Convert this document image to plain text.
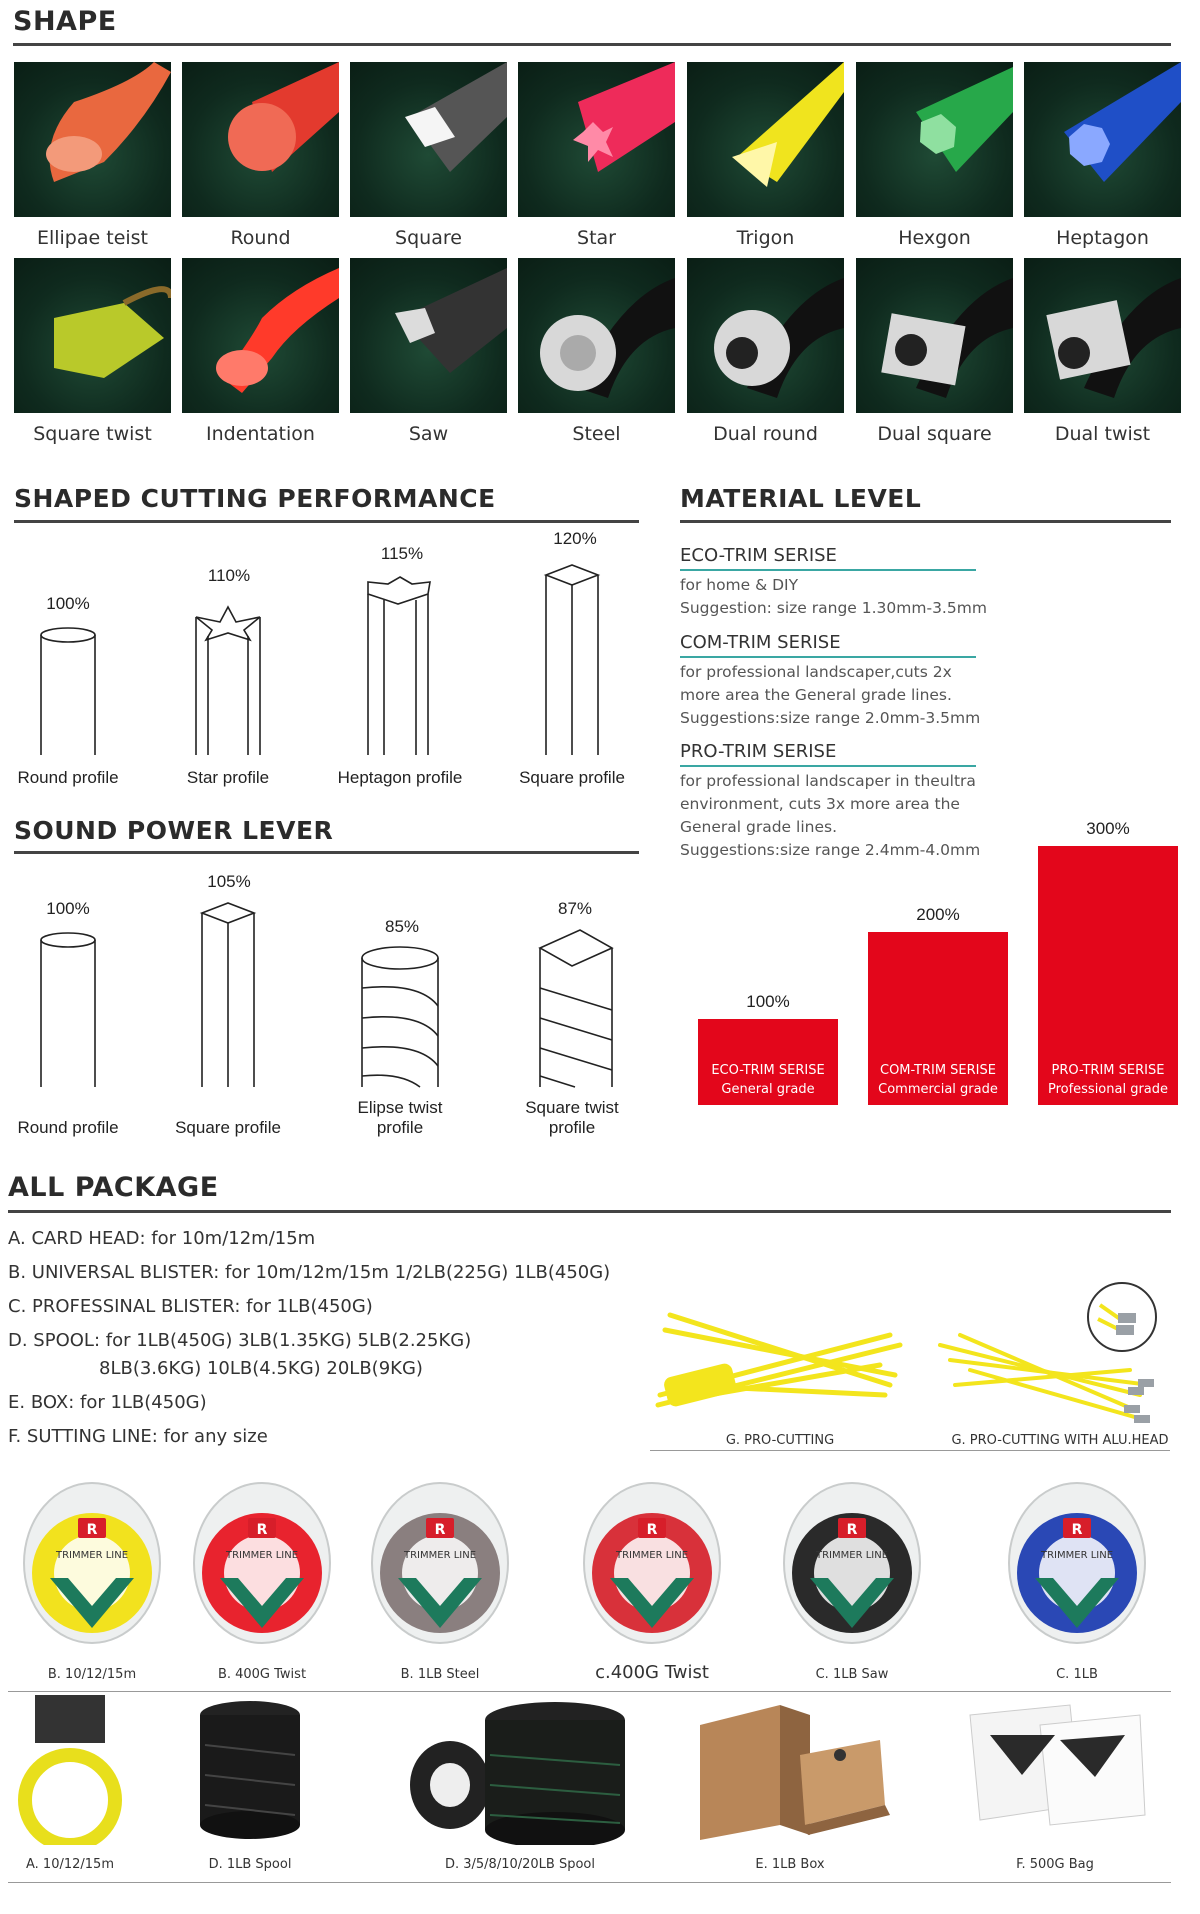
SHAPE
Ellipae teist	Round	Square	Star	Trigon	Hexgon	Heptagon
Square twist	Indentation	Saw	Steel	Dual round	Dual square	Dual twist
SHAPED CUTTING PERFORMANCE
100%
110%
115%
120%
Round profile	Star profile	Heptagon profile	Square profile
SOUND POWER LEVER
100%
105%
85%
87%
Round profile	Square profile
Elipse twist
profile
Square twist
profile
MATERIAL LEVEL
ECO-TRIM SERISE
for home & DIY
Suggestion: size range 1.30mm-3.5mm
COM-TRIM SERISE
for professional landscaper,cuts 2x
more area the General grade lines.
Suggestions:size range 2.0mm-3.5mm
PRO-TRIM SERISE
for professional landscaper in theultra
environment, cuts 3x more area the
General grade lines.
Suggestions:size range 2.4mm-4.0mm
ECO-TRIM SERISE
General grade
100%
COM-TRIM SERISE
Commercial grade
200%
PRO-TRIM SERISE
Professional grade
300%
ALL PACKAGE
A. CARD HEAD: for 10m/12m/15m
B. UNIVERSAL BLISTER: for 10m/12m/15m 1/2LB(225G) 1LB(450G)
C. PROFESSINAL BLISTER: for 1LB(450G)
D. SPOOL: for 1LB(450G) 3LB(1.35KG) 5LB(2.25KG)
8LB(3.6KG) 10LB(4.5KG) 20LB(9KG)
E. BOX: for 1LB(450G)
F. SUTTING LINE: for any size	G. PRO-CUTTING	G. PRO-CUTTING WITH ALU.HEAD
R
TRIMMER LINE
B. 10/12/15m
R
TRIMMER LINE
B. 400G Twist
R
TRIMMER LINE
B. 1LB Steel
R
TRIMMER LINE
c.400G Twist
R
TRIMMER LINE
C. 1LB Saw
R
TRIMMER LINE
C. 1LB
A. 10/12/15m	D. 1LB Spool	D. 3/5/8/10/20LB Spool	E. 1LB Box	F. 500G Bag
